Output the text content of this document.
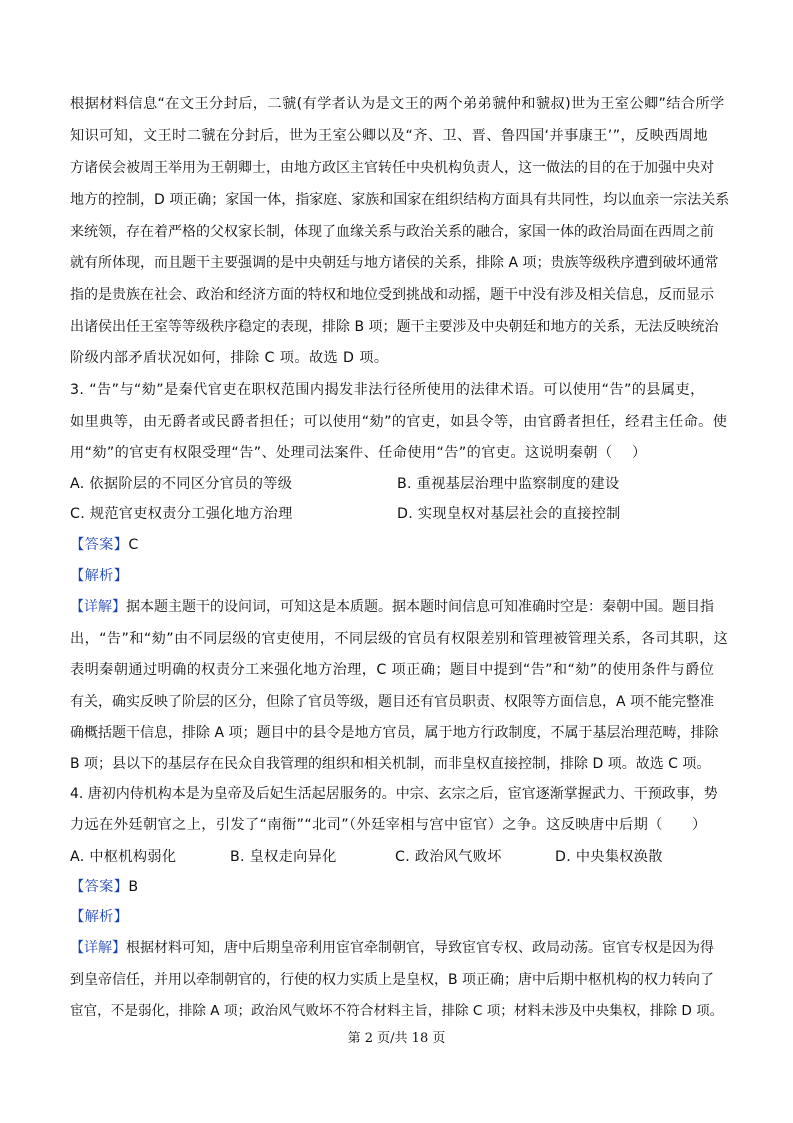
根据材料信息“在文王分封后，二虢(有学者认为是文王的两个弟弟虢仲和虢叔)世为王室公卿”结合所学
知识可知，文王时二虢在分封后，世为王室公卿以及“齐、卫、晋、鲁四国‘并事康王’”，反映西周地
方诸侯会被周王举用为王朝卿士，由地方政区主官转任中央机构负责人，这一做法的目的在于加强中央对
地方的控制，D 项正确；家国一体，指家庭、家族和国家在组织结构方面具有共同性，均以血亲一宗法关系
来统领，存在着严格的父权家长制，体现了血缘关系与政治关系的融合，家国一体的政治局面在西周之前
就有所体现，而且题干主要强调的是中央朝廷与地方诸侯的关系，排除 A 项；贵族等级秩序遭到破坏通常
指的是贵族在社会、政治和经济方面的特权和地位受到挑战和动摇，题干中没有涉及相关信息，反而显示
出诸侯出任王室等等级秩序稳定的表现，排除 B 项；题干主要涉及中央朝廷和地方的关系，无法反映统治
阶级内部矛盾状况如何，排除 C 项。故选 D 项。
3. “告”与“劾”是秦代官吏在职权范围内揭发非法行径所使用的法律术语。可以使用“告”的县属吏，
如里典等，由无爵者或民爵者担任；可以使用“劾”的官吏，如县令等，由官爵者担任，经君主任命。使
用“劾”的官吏有权限受理“告”、处理司法案件、任命使用“告”的官吏。这说明秦朝（　 ）
A. 依据阶层的不同区分官员的等级	B. 重视基层治理中监察制度的建设
C. 规范官吏权责分工强化地方治理	D. 实现皇权对基层社会的直接控制
【答案】C
【解析】
【详解】据本题主题干的设问词，可知这是本质题。据本题时间信息可知准确时空是：秦朝中国。题目指
出，“告”和“劾”由不同层级的官吏使用，不同层级的官员有权限差别和管理被管理关系，各司其职，这
表明秦朝通过明确的权责分工来强化地方治理，C 项正确；题目中提到“告”和“劾”的使用条件与爵位
有关，确实反映了阶层的区分，但除了官员等级，题目还有官员职责、权限等方面信息，A 项不能完整准
确概括题干信息，排除 A 项；题目中的县令是地方官员，属于地方行政制度，不属于基层治理范畴，排除
B 项；县以下的基层存在民众自我管理的组织和相关机制，而非皇权直接控制，排除 D 项。故选 C 项。
4. 唐初内侍机构本是为皇帝及后妃生活起居服务的。中宗、玄宗之后，宦官逐渐掌握武力、干预政事，势
力远在外廷朝官之上，引发了“南衙”“北司”（外廷宰相与宫中宦官）之争。这反映唐中后期（　　）
A. 中枢机构弱化	B. 皇权走向异化	C. 政治风气败坏	D. 中央集权涣散
【答案】B
【解析】
【详解】根据材料可知，唐中后期皇帝利用宦官牵制朝官，导致宦官专权、政局动荡。宦官专权是因为得
到皇帝信任，并用以牵制朝官的，行使的权力实质上是皇权，B 项正确；唐中后期中枢机构的权力转向了
宦官，不是弱化，排除 A 项；政治风气败坏不符合材料主旨，排除 C 项；材料未涉及中央集权，排除 D 项。
第 2 页/共 18 页
